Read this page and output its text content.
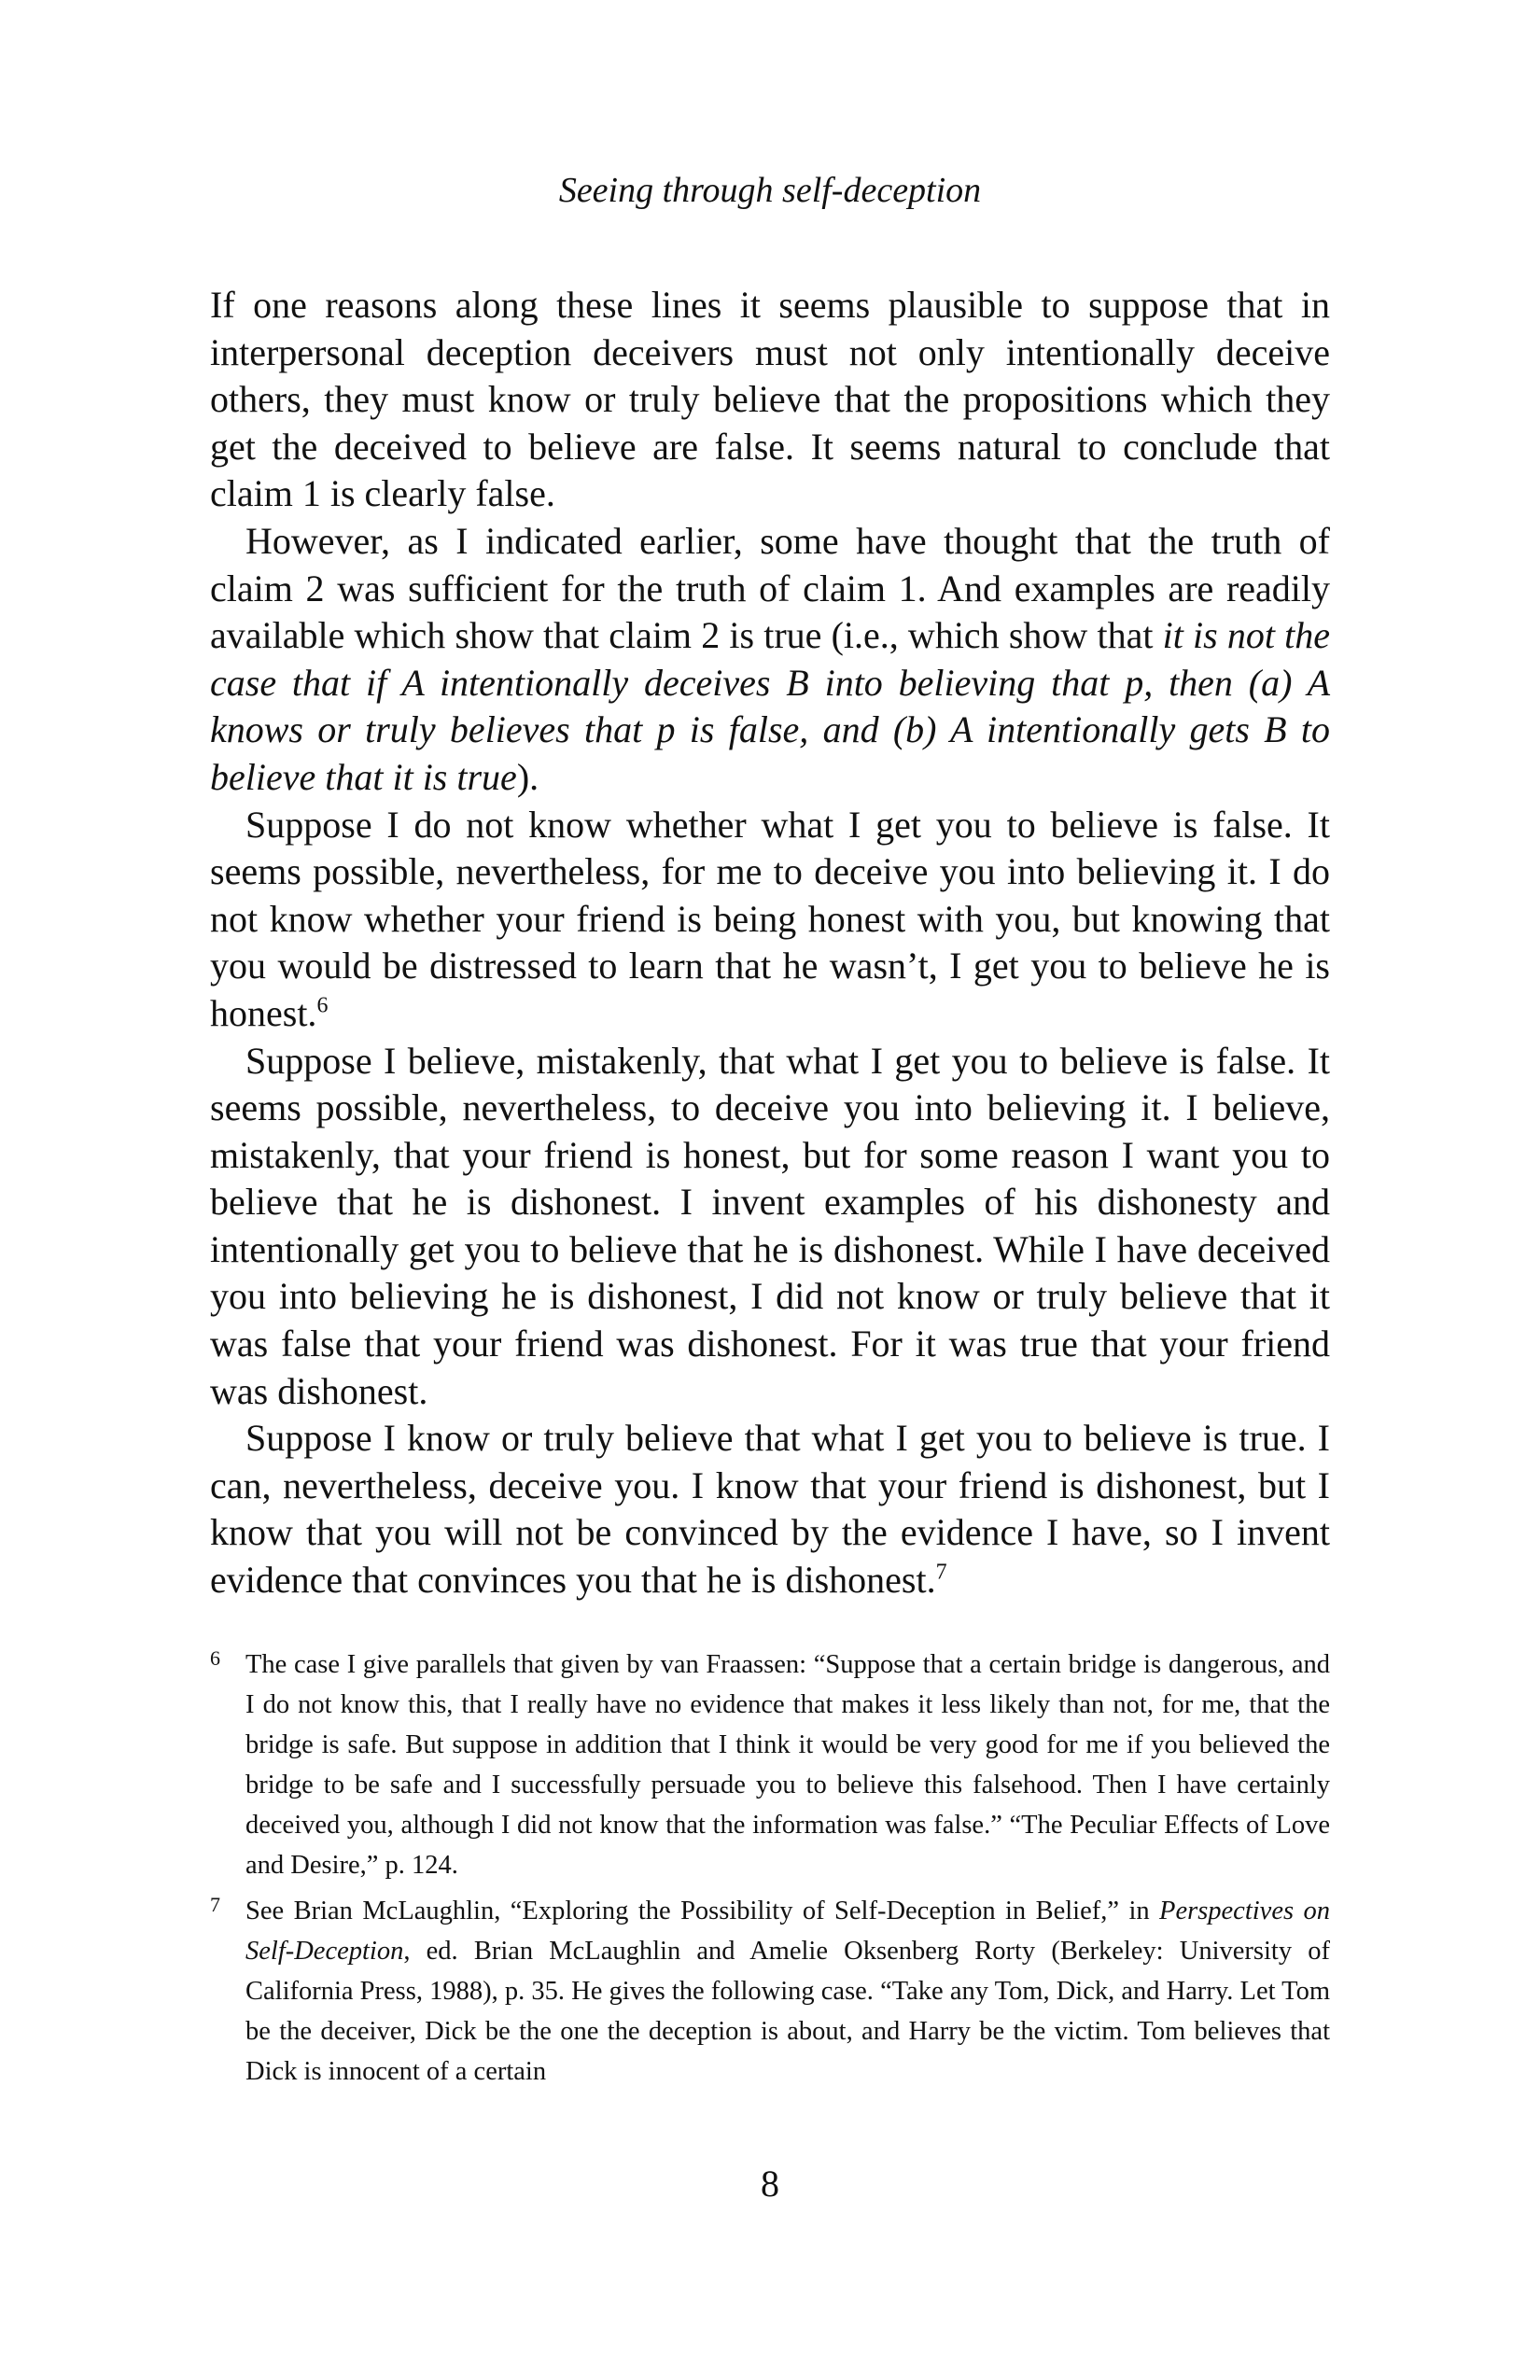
Seeing through self-deception

If one reasons along these lines it seems plausible to suppose that in interpersonal deception deceivers must not only intentionally deceive others, they must know or truly believe that the propositions which they get the deceived to believe are false. It seems natural to conclude that claim 1 is clearly false.

However, as I indicated earlier, some have thought that the truth of claim 2 was sufficient for the truth of claim 1. And examples are readily available which show that claim 2 is true (i.e., which show that it is not the case that if A intentionally deceives B into believing that p, then (a) A knows or truly believes that p is false, and (b) A intentionally gets B to believe that it is true).

Suppose I do not know whether what I get you to believe is false. It seems possible, nevertheless, for me to deceive you into believing it. I do not know whether your friend is being honest with you, but knowing that you would be distressed to learn that he wasn’t, I get you to believe he is honest.$^6$

Suppose I believe, mistakenly, that what I get you to believe is false. It seems possible, nevertheless, to deceive you into believing it. I believe, mistakenly, that your friend is honest, but for some reason I want you to believe that he is dishonest. I invent examples of his dishonesty and intentionally get you to believe that he is dishonest. While I have deceived you into believing he is dishonest, I did not know or truly believe that it was false that your friend was dishonest. For it was true that your friend was dishonest.

Suppose I know or truly believe that what I get you to believe is true. I can, nevertheless, deceive you. I know that your friend is dishonest, but I know that you will not be convinced by the evidence I have, so I invent evidence that convinces you that he is dishonest.$^7$

6 The case I give parallels that given by van Fraassen: “Suppose that a certain bridge is dangerous, and I do not know this, that I really have no evidence that makes it less likely than not, for me, that the bridge is safe. But suppose in addition that I think it would be very good for me if you believed the bridge to be safe and I successfully persuade you to believe this falsehood. Then I have certainly deceived you, although I did not know that the information was false.” “The Peculiar Effects of Love and Desire,” p. 124.
7 See Brian McLaughlin, “Exploring the Possibility of Self-Deception in Belief,” in Perspectives on Self-Deception, ed. Brian McLaughlin and Amelie Oksenberg Rorty (Berkeley: University of California Press, 1988), p. 35. He gives the following case. “Take any Tom, Dick, and Harry. Let Tom be the deceiver, Dick be the one the deception is about, and Harry be the victim. Tom believes that Dick is innocent of a certain
8
